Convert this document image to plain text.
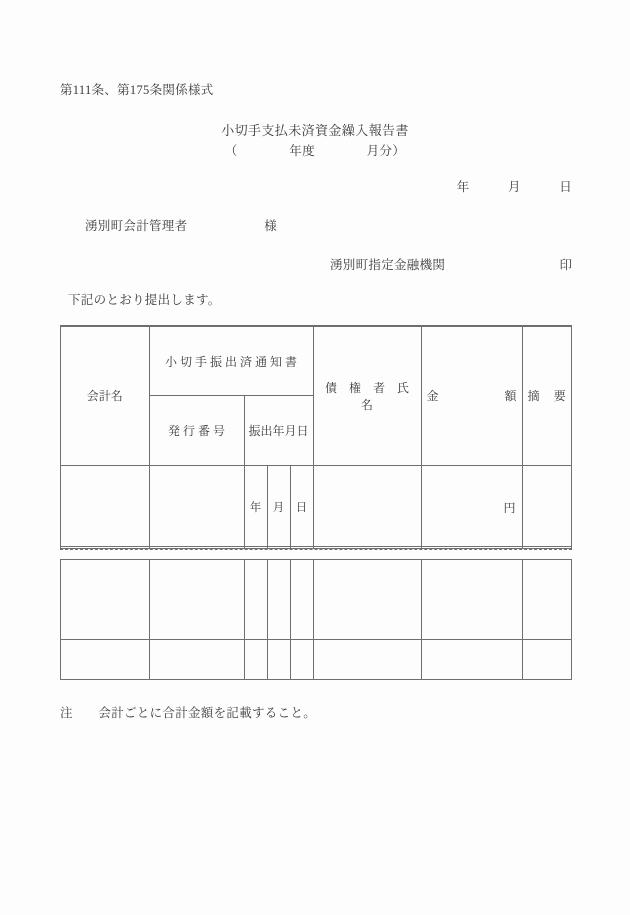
第111条、第175条関係様式
小切手支払未済資金繰入報告書
（　　　　年度　　　　月分）
年　　　月　　　日
湧別町会計管理者　　　　　　様
湧別町指定金融機関	印
下記のとおり提出します。
会計名	小 切 手 振 出 済 通 知 書				債　権　者　氏　名	金 額	摘 要

	発 行 番 号	振出年月日					

		年	月	日		円	

注　　会計ごとに合計金額を記載すること。
